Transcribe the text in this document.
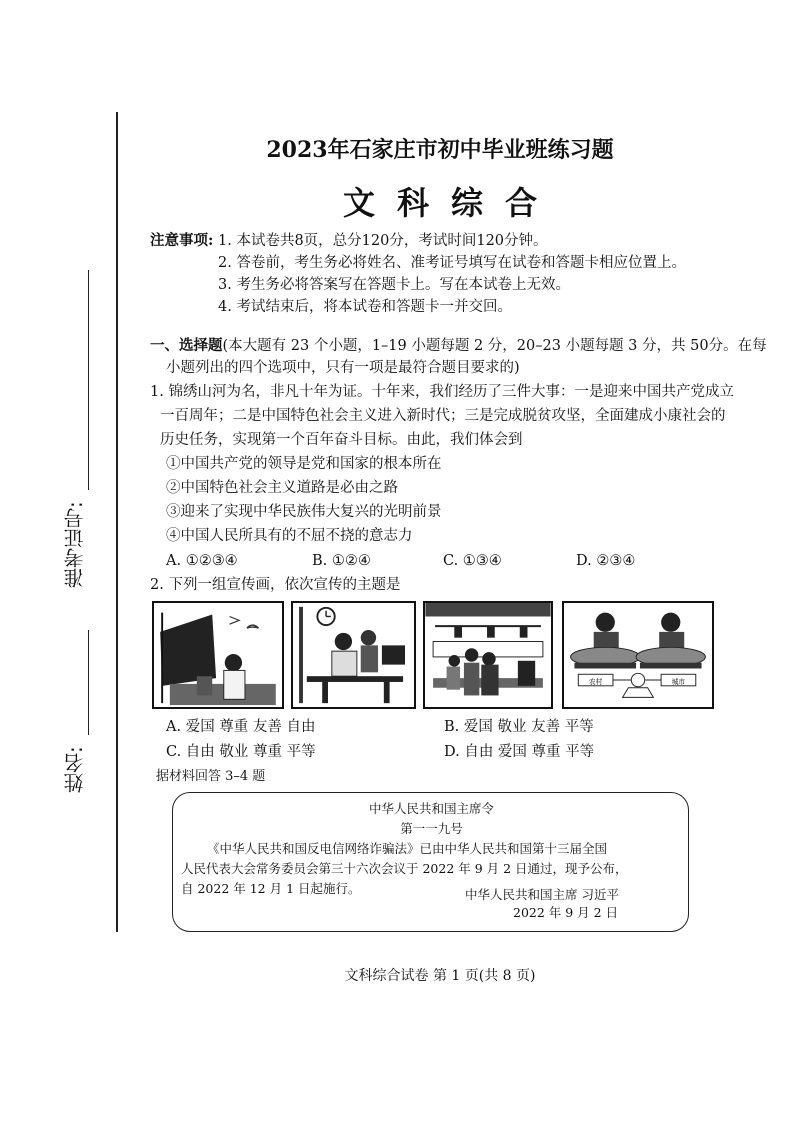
准考证号:
姓名:
2023年石家庄市初中毕业班练习题
文科综合
注意事项: 1. 本试卷共8页，总分120分，考试时间120分钟。
2. 答卷前，考生务必将姓名、准考证号填写在试卷和答题卡相应位置上。
3. 考生务必将答案写在答题卡上。写在本试卷上无效。
4. 考试结束后，将本试卷和答题卡一并交回。
一、选择题(本大题有 23 个小题，1–19 小题每题 2 分，20–23 小题每题 3 分，共 50分。在每
小题列出的四个选项中，只有一项是最符合题目要求的)
1. 锦绣山河为名，非凡十年为证。十年来，我们经历了三件大事：一是迎来中国共产党成立
一百周年；二是中国特色社会主义进入新时代；三是完成脱贫攻坚，全面建成小康社会的
历史任务，实现第一个百年奋斗目标。由此，我们体会到
①中国共产党的领导是党和国家的根本所在
②中国特色社会主义道路是必由之路
③迎来了实现中华民族伟大复兴的光明前景
④中国人民所具有的不屈不挠的意志力
A. ①②③④	B. ①②④	C. ①③④	D. ②③④
2. 下列一组宣传画，依次宣传的主题是
农村	城市
A. 爱国 尊重 友善 自由	B. 爱国 敬业 友善 平等
C. 自由 敬业 尊重 平等	D. 自由 爱国 尊重 平等
据材料回答 3–4 题
中华人民共和国主席令
第一一九号
《中华人民共和国反电信网络诈骗法》已由中华人民共和国第十三届全国
人民代表大会常务委员会第三十六次会议于 2022 年 9 月 2 日通过，现予公布，
自 2022 年 12 月 1 日起施行。	中华人民共和国主席 习近平
2022 年 9 月 2 日
文科综合试卷 第 1 页(共 8 页)
